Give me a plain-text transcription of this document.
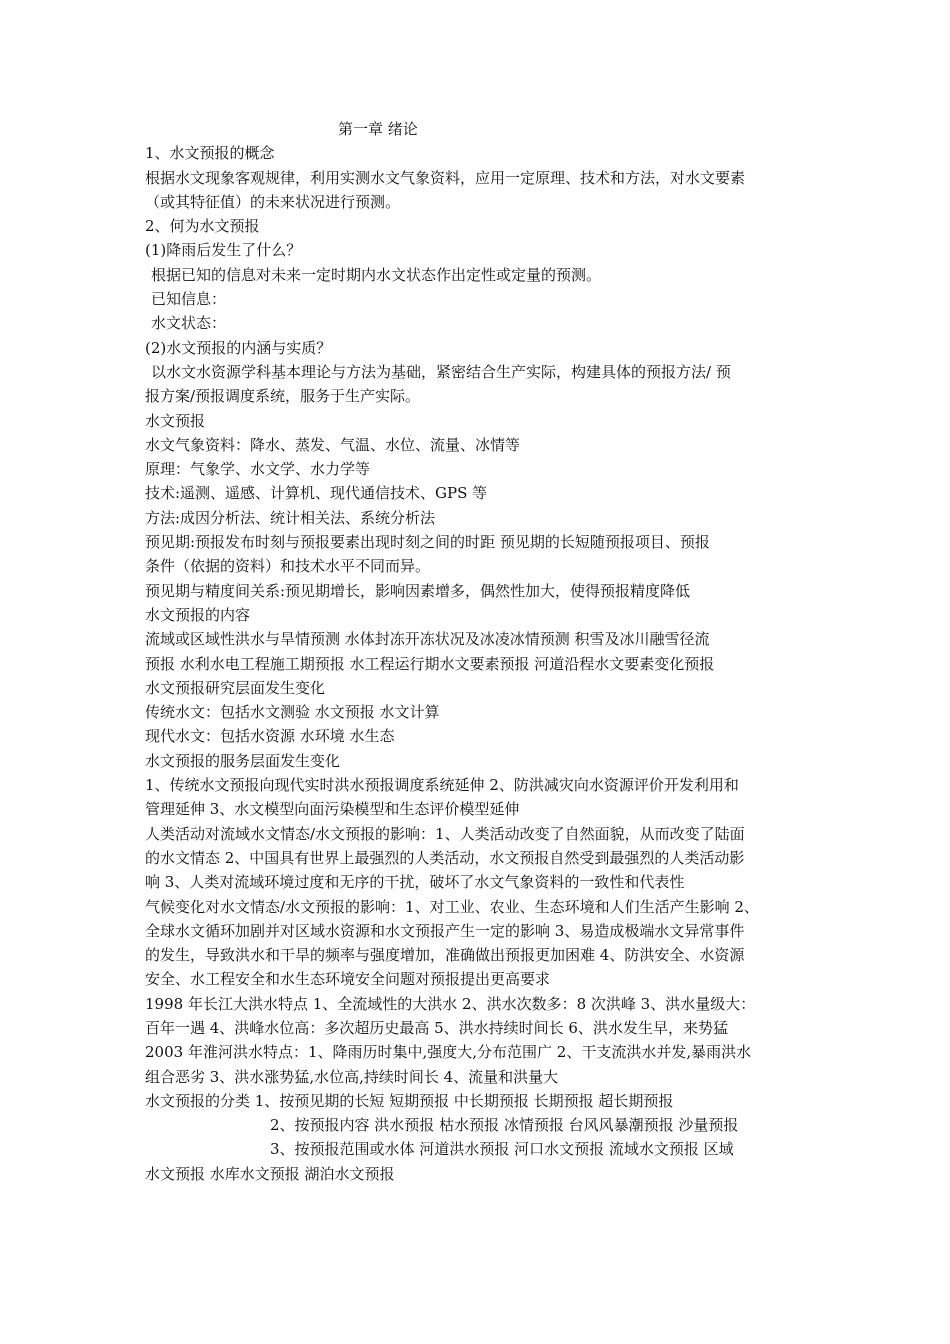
第一章 绪论
1、水文预报的概念
根据水文现象客观规律，利用实测水文气象资料，应用一定原理、技术和方法，对水文要素
（或其特征值）的未来状况进行预测。
2、何为水文预报
(1)降雨后发生了什么？
根据已知的信息对未来一定时期内水文状态作出定性或定量的预测。
已知信息：
水文状态：
(2)水文预报的内涵与实质？
以水文水资源学科基本理论与方法为基础，紧密结合生产实际，构建具体的预报方法/ 预
报方案/预报调度系统，服务于生产实际。
水文预报
水文气象资料：降水、蒸发、气温、水位、流量、冰情等
原理：气象学、水文学、水力学等
技术:遥测、遥感、计算机、现代通信技术、GPS 等
方法:成因分析法、统计相关法、系统分析法
预见期:预报发布时刻与预报要素出现时刻之间的时距 预见期的长短随预报项目、预报
条件（依据的资料）和技术水平不同而异。
预见期与精度间关系:预见期增长，影响因素增多，偶然性加大，使得预报精度降低
水文预报的内容
流域或区域性洪水与旱情预测 水体封冻开冻状况及冰凌冰情预测 积雪及冰川融雪径流
预报 水利水电工程施工期预报 水工程运行期水文要素预报 河道沿程水文要素变化预报
水文预报研究层面发生变化
传统水文：包括水文测验 水文预报 水文计算
现代水文：包括水资源 水环境 水生态
水文预报的服务层面发生变化
1、传统水文预报向现代实时洪水预报调度系统延伸 2、防洪减灾向水资源评价开发利用和
管理延伸 3、水文模型向面污染模型和生态评价模型延伸
人类活动对流域水文情态/水文预报的影响：1、人类活动改变了自然面貌，从而改变了陆面
的水文情态 2、中国具有世界上最强烈的人类活动，水文预报自然受到最强烈的人类活动影
响 3、人类对流域环境过度和无序的干扰，破坏了水文气象资料的一致性和代表性
气候变化对水文情态/水文预报的影响：1、对工业、农业、生态环境和人们生活产生影响 2、
全球水文循环加剧并对区域水资源和水文预报产生一定的影响 3、易造成极端水文异常事件
的发生，导致洪水和干旱的频率与强度增加，准确做出预报更加困难 4、防洪安全、水资源
安全、水工程安全和水生态环境安全问题对预报提出更高要求
1998 年长江大洪水特点 1、全流域性的大洪水 2、洪水次数多：8 次洪峰 3、洪水量级大：
百年一遇 4、洪峰水位高：多次超历史最高 5、洪水持续时间长 6、洪水发生早，来势猛
2003 年淮河洪水特点：1、降雨历时集中,强度大,分布范围广 2、干支流洪水并发,暴雨洪水
组合恶劣 3、洪水涨势猛,水位高,持续时间长 4、流量和洪量大
水文预报的分类 1、按预见期的长短 短期预报 中长期预报 长期预报 超长期预报
2、按预报内容 洪水预报 枯水预报 冰情预报 台风风暴潮预报 沙量预报
3、按预报范围或水体 河道洪水预报 河口水文预报 流域水文预报 区域
水文预报 水库水文预报 湖泊水文预报
